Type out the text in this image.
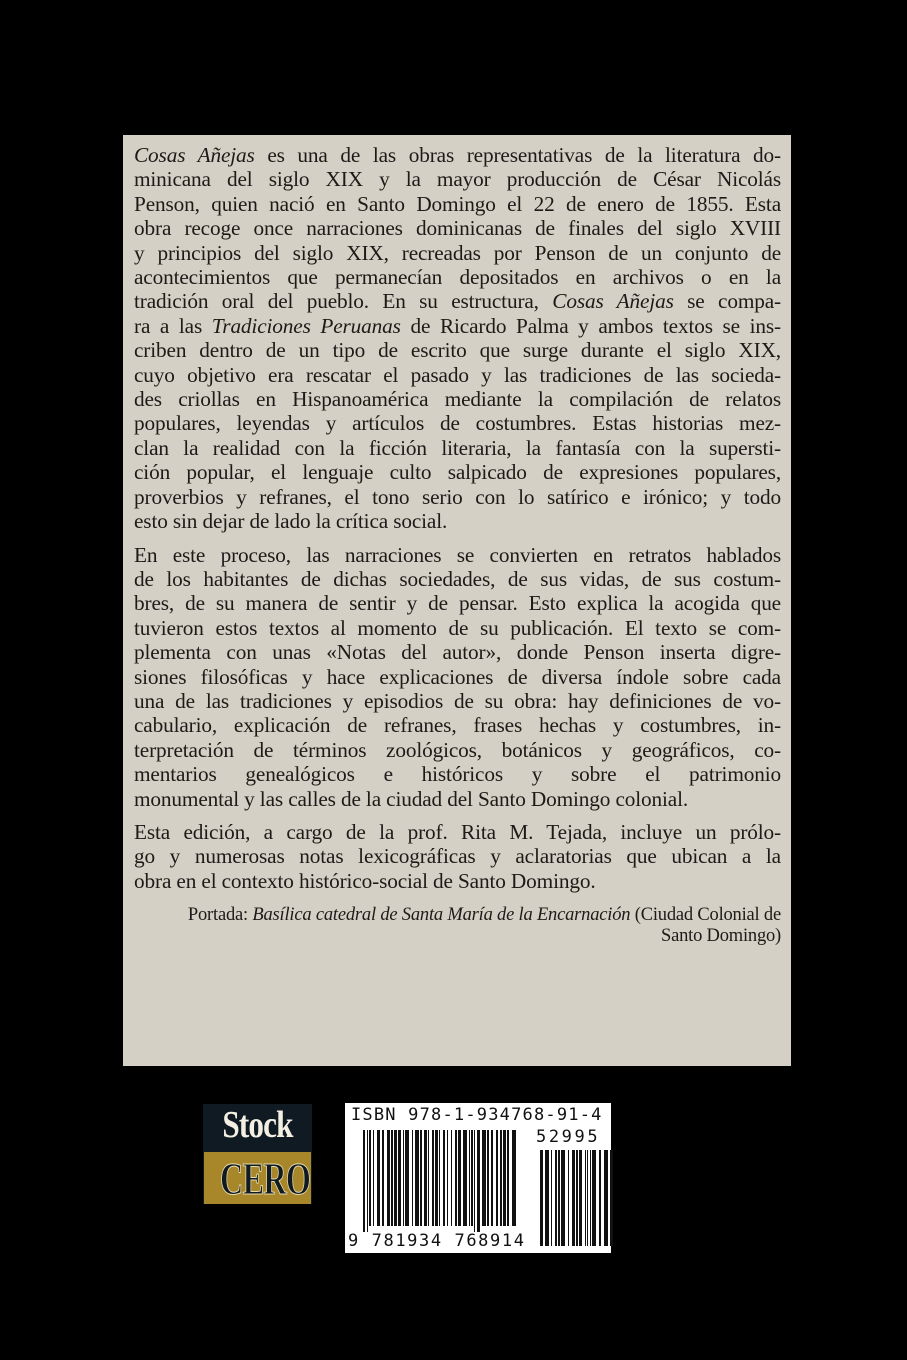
Cosas Añejas es una de las obras representativas de la literatura do-
minicana del siglo XIX y la mayor producción de César Nicolás
Penson, quien nació en Santo Domingo el 22 de enero de 1855. Esta
obra recoge once narraciones dominicanas de finales del siglo XVIII
y principios del siglo XIX, recreadas por Penson de un conjunto de
acontecimientos que permanecían depositados en archivos o en la
tradición oral del pueblo. En su estructura, Cosas Añejas se compa-
ra a las Tradiciones Peruanas de Ricardo Palma y ambos textos se ins-
criben dentro de un tipo de escrito que surge durante el siglo XIX,
cuyo objetivo era rescatar el pasado y las tradiciones de las socieda-
des criollas en Hispanoamérica mediante la compilación de relatos
populares, leyendas y artículos de costumbres. Estas historias mez-
clan la realidad con la ficción literaria, la fantasía con la supersti-
ción popular, el lenguaje culto salpicado de expresiones populares,
proverbios y refranes, el tono serio con lo satírico e irónico; y todo
esto sin dejar de lado la crítica social.

En este proceso, las narraciones se convierten en retratos hablados
de los habitantes de dichas sociedades, de sus vidas, de sus costum-
bres, de su manera de sentir y de pensar. Esto explica la acogida que
tuvieron estos textos al momento de su publicación. El texto se com-
plementa con unas «Notas del autor», donde Penson inserta digre-
siones filosóficas y hace explicaciones de diversa índole sobre cada
una de las tradiciones y episodios de su obra: hay definiciones de vo-
cabulario, explicación de refranes, frases hechas y costumbres, in-
terpretación de términos zoológicos, botánicos y geográficos, co-
mentarios genealógicos e históricos y sobre el patrimonio
monumental y las calles de la ciudad del Santo Domingo colonial.

Esta edición, a cargo de la prof. Rita M. Tejada, incluye un prólo-
go y numerosas notas lexicográficas y aclaratorias que ubican a la
obra en el contexto histórico-social de Santo Domingo.

Portada: Basílica catedral de Santa María de la Encarnación (Ciudad Colonial de
Santo Domingo)
Stock
CERO
ISBN 978-1-934768-91-4
52995
9 781934 768914
